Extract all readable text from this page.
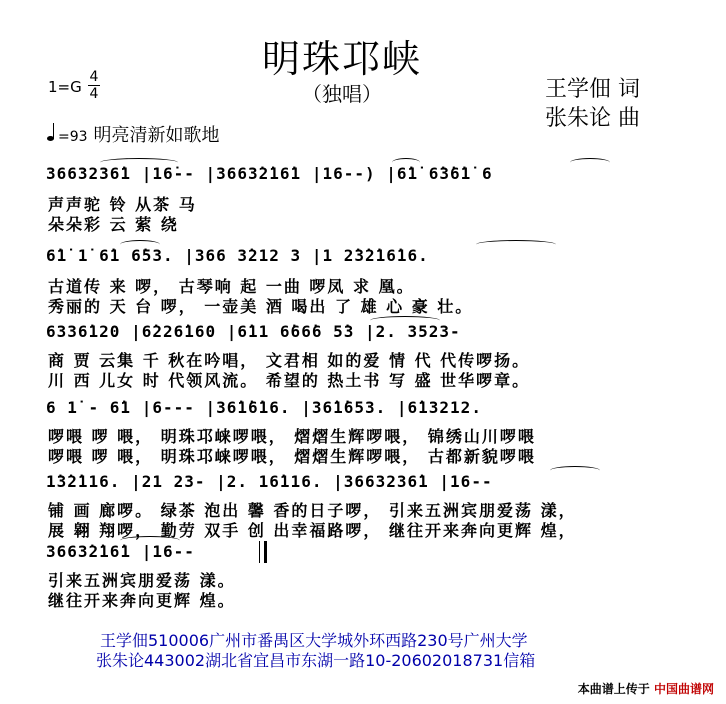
明珠邛峡
（独唱）
1=G
4
4	王学佃 词
张朱论 曲
=93 明亮清新如歌地
3663236̇1 |16̇-- |3663̇2̇16̇1 |16--) |6̇1̇ 6̇3̇6̇1̇ 6
声声驼 铃 从茶 马
朵朵彩 云 萦 绕
6̇1̇ 1̇ 6̇1 6̇53. |366 3̇212 3 |1 2̇3̇2̇16̇16.
古道传 来 啰， 古琴响 起 一曲 啰凤 求 凰。
秀丽的 天 台 啰， 一壶美 酒 喝出 了 雄 心 豪 壮。
6336̇120 |6̇226̇160 |6̇11 6̇66̇6 5̇3 |2. 3523-
商 贾 云集 千 秋在吟唱， 文君相 如的爱 情 代 代传啰扬。
川 西 儿女 时 代领风流。 希望的 热土书 写 盛 世华啰章。
6 1̇ - 6̇1 |6--- |36̇1̇6̇16. |36̇1̇653. |6̇13212.
啰喂 啰 喂， 明珠邛崃啰喂， 熠熠生辉啰喂， 锦绣山川啰喂
啰喂 啰 喂， 明珠邛崃啰喂， 熠熠生辉啰喂， 古都新貌啰喂
1̇3̇2̇116. |21 23- |2. 16̇116. |3663236̇1 |16--
铺 画 廊啰。 绿茶 泡出 馨 香的日子啰， 引来五洲宾朋爱荡 漾，
展 翱 翔啰， 勤劳 双手 创 出幸福路啰， 继往开来奔向更辉 煌，
3663̇2̇16̇1 |16--
引来五洲宾朋爱荡 漾。
继往开来奔向更辉 煌。
王学佃510006广州市番禺区大学城外环西路230号广州大学
张朱论443002湖北省宜昌市东湖一路10-20602018731信箱
本曲谱上传于 中国曲谱网
